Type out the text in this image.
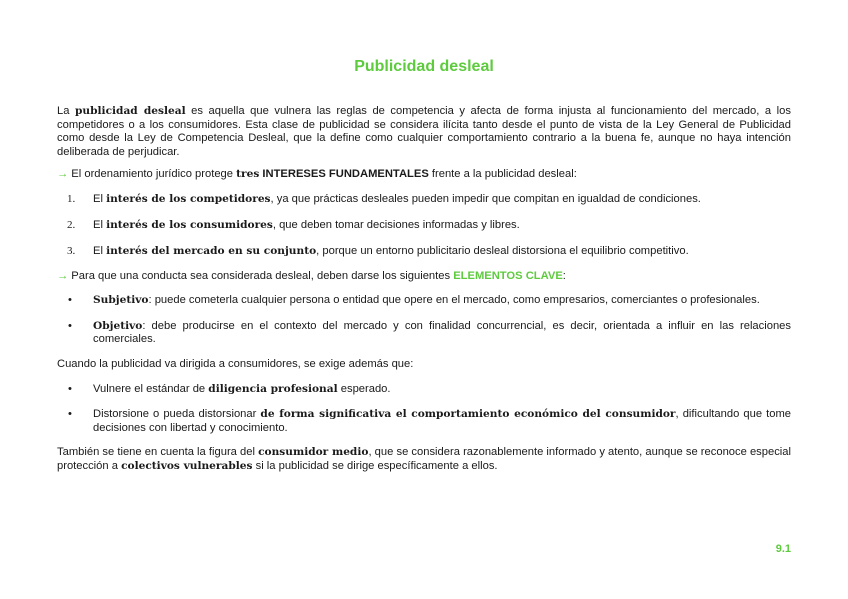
Publicidad desleal

La publicidad desleal es aquella que vulnera las reglas de competencia y afecta de forma injusta al funcionamiento del mercado, a los competidores o a los consumidores. Esta clase de publicidad se considera ilícita tanto desde el punto de vista de la Ley General de Publicidad como desde la Ley de Competencia Desleal, que la define como cualquier comportamiento contrario a la buena fe, aunque no haya intención deliberada de perjudicar.

→ El ordenamiento jurídico protege tres INTERESES FUNDAMENTALES frente a la publicidad desleal:

1. El interés de los competidores, ya que prácticas desleales pueden impedir que compitan en igualdad de condiciones.
2. El interés de los consumidores, que deben tomar decisiones informadas y libres.
3. El interés del mercado en su conjunto, porque un entorno publicitario desleal distorsiona el equilibrio competitivo.

→ Para que una conducta sea considerada desleal, deben darse los siguientes ELEMENTOS CLAVE:

• Subjetivo: puede cometerla cualquier persona o entidad que opere en el mercado, como empresarios, comerciantes o profesionales.
• Objetivo: debe producirse en el contexto del mercado y con finalidad concurrencial, es decir, orientada a influir en las relaciones comerciales.

Cuando la publicidad va dirigida a consumidores, se exige además que:

• Vulnere el estándar de diligencia profesional esperado.
• Distorsione o pueda distorsionar de forma significativa el comportamiento económico del consumidor, dificultando que tome decisiones con libertad y conocimiento.

También se tiene en cuenta la figura del consumidor medio, que se considera razonablemente informado y atento, aunque se reconoce especial protección a colectivos vulnerables si la publicidad se dirige específicamente a ellos.

9.1
